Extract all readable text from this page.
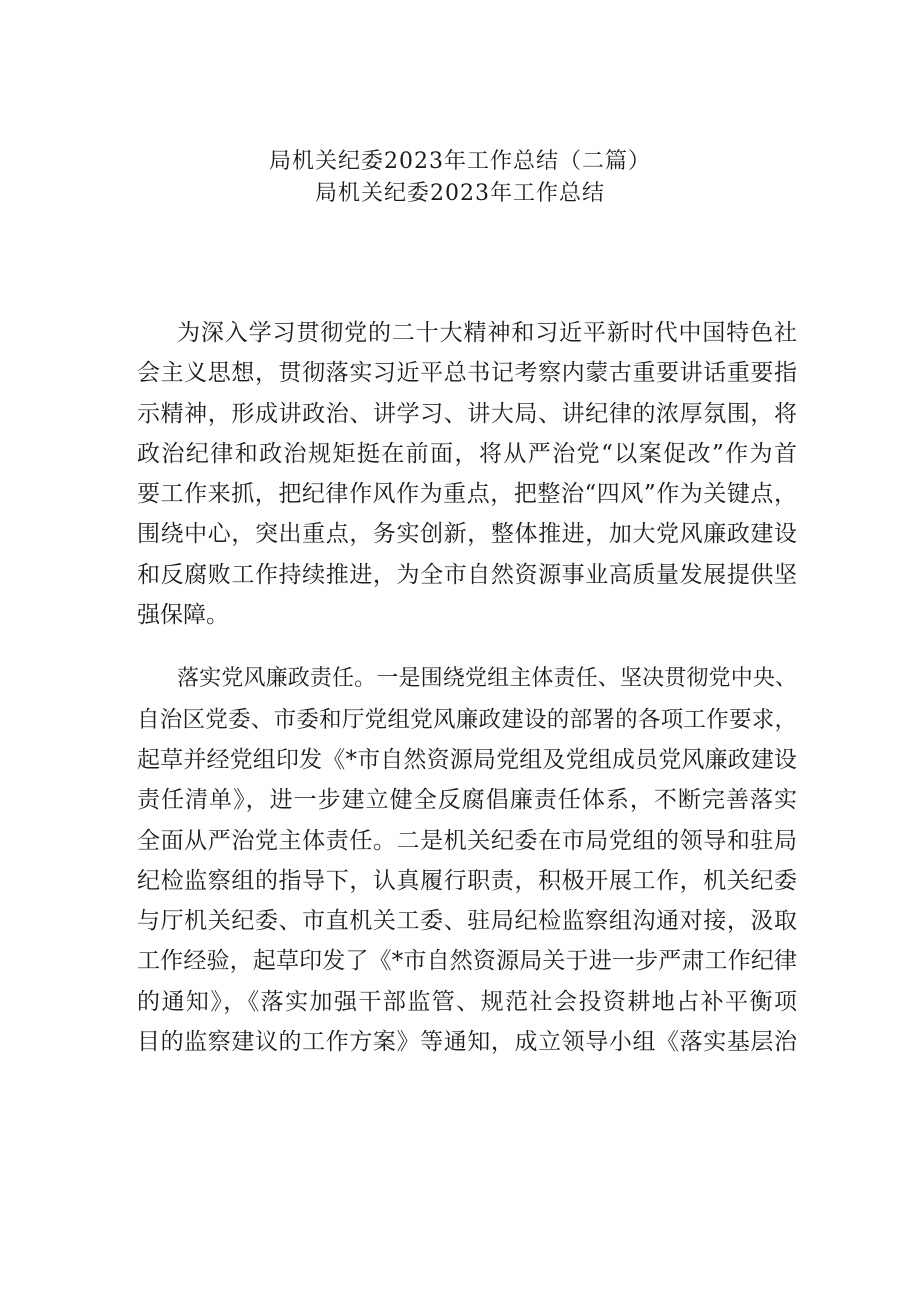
局机关纪委2023年工作总结（二篇）
局机关纪委2023年工作总结
为深入学习贯彻党的二十大精神和习近平新时代中国特色社
会主义思想，贯彻落实习近平总书记考察内蒙古重要讲话重要指
示精神，形成讲政治、讲学习、讲大局、讲纪律的浓厚氛围，将
政治纪律和政治规矩挺在前面，将从严治党“以案促改”作为首
要工作来抓，把纪律作风作为重点，把整治“四风”作为关键点，
围绕中心，突出重点，务实创新，整体推进，加大党风廉政建设
和反腐败工作持续推进，为全市自然资源事业高质量发展提供坚
强保障。
落实党风廉政责任。一是围绕党组主体责任、坚决贯彻党中央、
自治区党委、市委和厅党组党风廉政建设的部署的各项工作要求，
起草并经党组印发《*市自然资源局党组及党组成员党风廉政建设
责任清单》，进一步建立健全反腐倡廉责任体系，不断完善落实
全面从严治党主体责任。二是机关纪委在市局党组的领导和驻局
纪检监察组的指导下，认真履行职责，积极开展工作，机关纪委
与厅机关纪委、市直机关工委、驻局纪检监察组沟通对接，汲取
工作经验，起草印发了《*市自然资源局关于进一步严肃工作纪律
的通知》，《落实加强干部监管、规范社会投资耕地占补平衡项
目的监察建议的工作方案》等通知，成立领导小组《落实基层治
